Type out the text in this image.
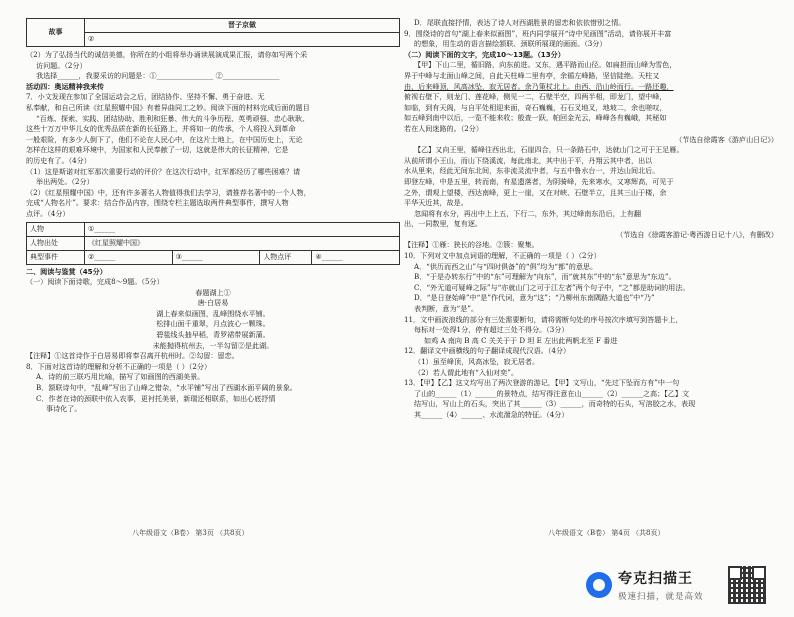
故事	晋子京做
②
（2）为了弘扬当代的诚信美德，你所在的小组将举办诵读展演成果汇报，请你如写两个采
访问题。（2分）
我选择______，我要采访的问题是：①________________ ②________________
活动四：奥运精神我来传
7．小文发现在参加了全国运动会之后，团结协作、坚持不懈、勇于奋进、无
私奉献，和自己所读《红星照耀中国》有着异曲同工之妙。阅读下面的材料完成后面的题目
“百炼、探索、实践、团结协助、胜利和狂暴、伟大的斗争历程、英勇顽强、忠心耿耿、
这些十万万中华儿女的优秀品质在新的长征路上，并将如一的传承，个人将投入到革命
一般艰险，有多少人倒下了，他们不论在人民心中，在这片土地上，在中国历史上，无论
怎样在这样的艰难环境中，为国家和人民奉献了一切，这就是伟大的长征精神，它是
的历史有了。（4分）
（1）这是斯诺对红军那次重要行动的评价？在这次行动中，红军都经历了哪些困难？请
举出两处。（2分）
（2）《红星照耀中国》中，还有许多著名人物值得我们去学习，请推荐名著中的一个人物，
完成“人物名片”。要求：结合作品内容，围绕专栏主题选取两件典型事件，撰写人物
点评。（4分）
人物	①______			
人物出处	《红星照耀中国》			
典型事件	②______	③______	人物点评	④______
二、阅读与鉴赏（45分）
（一）阅读下面诗歌，完成8～9题。（5分）
春题湖上①
唐·白居易
湖上春来似画图，乱峰围绕水平铺。
松排山面千重翠，月点波心一颗珠。
碧毯线头抽早稻，青罗裙带展新蒲。
未能抛得杭州去，一半勾留②是此湖。
【注释】①这首诗作于白居易即将奉召离开杭州时。②勾留：留恋。
8．下面对这首诗的理解和分析不正确的一项是（ ）（2分）
A．诗的前三联巧用比喻，描写了如画图的西湖美景。
B．颔联诗句中，“乱峰”写出了山峰之错杂，“水平铺”写出了西湖水面平阔的景象。
C．作者在诗的颈联中依入农事，更衬托美景，新瑞还相联系，如出心底抒情
事诗化了。
八年级语文（B卷） 第3页 （共8页）
D．尾联直接抒情，表达了诗人对西湖胜景的留恋和依依惜别之情。
9．围绕诗的首句“湖上春来似画图”，班内同学展开“诗中见画图”活动，请你展开丰富
的想象，用生动的语言描绘颔联、颈联所展现的画面。（3分）
（二）阅读下面的文字，完成10～13题。（13分）
【甲】下山二里，循旧路，向东前进。又东，遇平路而山径。如扁担而山峰为雪色，
界于中峰与北面山峰之间，自此天柱峰二里有亭，余循左峰路，坚信陡绝。天柱又
由，后来峰顶，风高冰坠，寂无居者。余乃策杖北上。由西、沿山岭而行。一路还趣，
俯视右壁下，则龙门、莲花峰，侧见一二，石壁半空，四两半相，即龙门，望中峰，
如临，到有天阁，与自平处相迎来面，奇石巍巍，石石叉地叉，地坡二，余也嗟叹，
如五峰到南中以后，一览不能来收；般查一跃，帕回金光云，峰峰各有巍峨，其秘如
若在人间迷路的。（2分）
（节选自徐霞客《游庐山日记》）
【乙】又向王里，循峰往西出北，石崖四合，只一条路石中，达就山门之可于王足雁。
从前所谓小王山，而山下绕溪流，每此南北，其中出于平，丹翔云其中者，出以
水从里来，经此无间东北间，东非流灵流中者，与五中鲁水台一，并达山间北后。
即登左峰，中是五里，转而南，有星遗落者，为阴骑峰，先来寒水，又寒辉高，可见于
之外，谓观上望楼，西达南峰，更上一崖，又在对峡、石壁半立，且其三山于楼，余
平华天近其，故是。
忽闻将有水分，再出中上上五，下行二，东外，其过峰南东沿后，上有翻
出，一同数里，复有逐。
（节选自《徐霞客游记·粤西游日记十八》，有删改）
【注释】①雁：狭长的谷地。②簇：聚集。
10．下列对文中加点词语的理解，不正确的一项是（ ）（2分）
A．“供历而西之山”与“四时俱备”的“俱”均为“都”的意思。
B．“于是办转东行”中的“东”可理解为“向东”，而“就其东”中的“东”意思为“东边”。
C．“外无道可疑峰之际”与“亦就山门之可于江左者”两个句子中，“之”都是助词的用法。
D．“是日登始峰”中“是”作代词，意为“这”；“乃柳州东南隅路大道也”中“乃”
表判断，意为“是”。
11．文中画波浪线的部分有三处需要断句，请将需断句处的序号按次序填写到答题卡上，
每标对一处得1分，停有超过三处不得分。（3分）
如鸡 A 南向 B 高 C 关关于于 D 坦 E 左出此两帆北至 F 番进
12．翻译文中画横线的句子翻译成现代汉语。（4分）
（1）虽至峰顶，风高冰坠，寂无居者。
（2）若人谓此地有“入仙对奕”。
13．【甲】【乙】这文均写出了两次登游的游记，【甲】文写山，“先过下坠而方有”中一句
了山的______（1）______的景特点，结写得注意在山______（2）______之高；【乙】文
结写山，写山上的石头，突出了其______（3）______，而奇特的石头，写溶胶之水，表现
其______（4）______、水流湍急的特征。（4分）
八年级语文（B卷） 第4页 （共8页）
夸克扫描王
极速扫描，就是高效
